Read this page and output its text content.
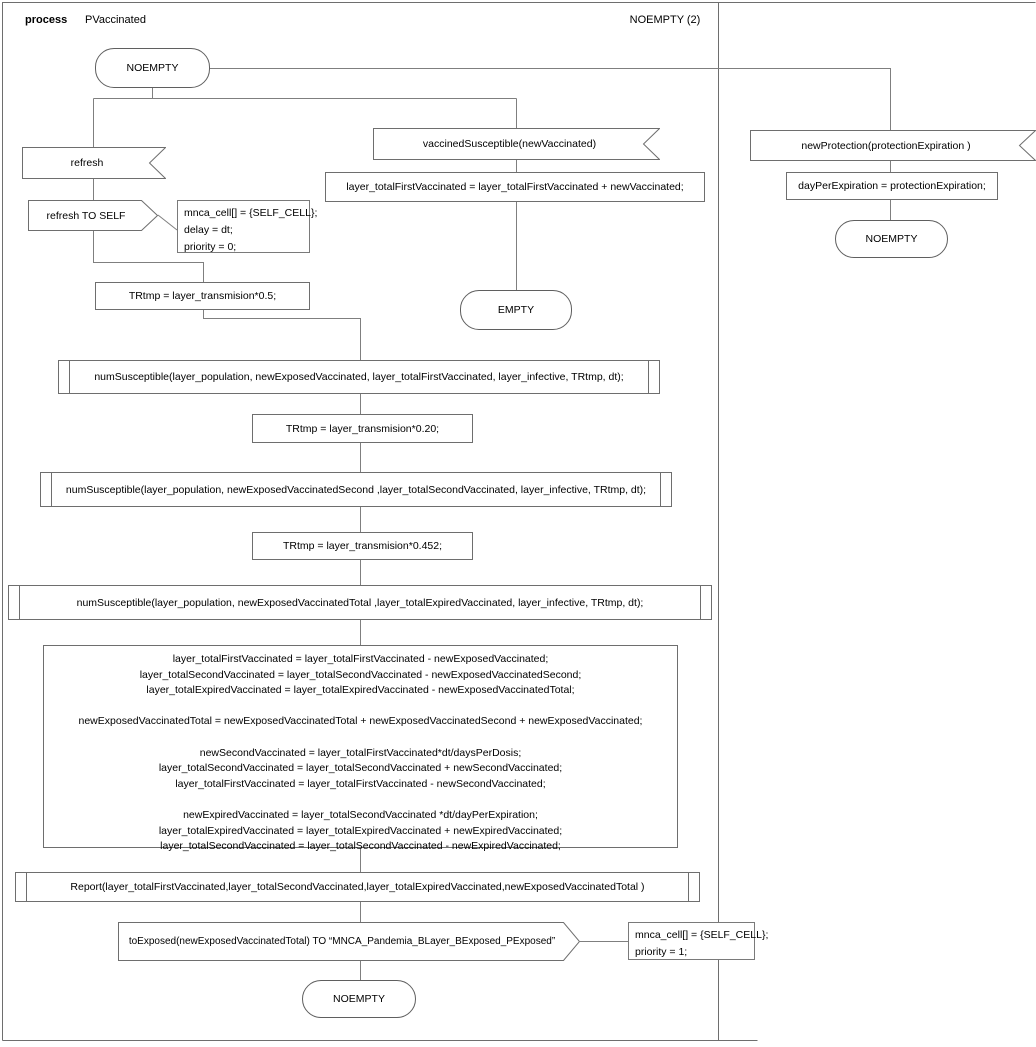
process PVaccinated	NOEMPTY (2)
NOEMPTY
refresh
refresh TO SELF	mnca_cell[] = {SELF_CELL};
delay = dt;
priority = 0;
vaccinedSusceptible(newVaccinated)
layer_totalFirstVaccinated = layer_totalFirstVaccinated + newVaccinated;
EMPTY
TRtmp = layer_transmision*0.5;
numSusceptible(layer_population, newExposedVaccinated, layer_totalFirstVaccinated, layer_infective, TRtmp, dt);
TRtmp = layer_transmision*0.20;
numSusceptible(layer_population, newExposedVaccinatedSecond ,layer_totalSecondVaccinated, layer_infective, TRtmp, dt);
TRtmp = layer_transmision*0.452;
numSusceptible(layer_population, newExposedVaccinatedTotal ,layer_totalExpiredVaccinated, layer_infective, TRtmp, dt);
layer_totalFirstVaccinated = layer_totalFirstVaccinated - newExposedVaccinated;
layer_totalSecondVaccinated = layer_totalSecondVaccinated - newExposedVaccinatedSecond;
layer_totalExpiredVaccinated = layer_totalExpiredVaccinated - newExposedVaccinatedTotal;
newExposedVaccinatedTotal = newExposedVaccinatedTotal + newExposedVaccinatedSecond + newExposedVaccinated;
newSecondVaccinated = layer_totalFirstVaccinated*dt/daysPerDosis;
layer_totalSecondVaccinated = layer_totalSecondVaccinated + newSecondVaccinated;
layer_totalFirstVaccinated = layer_totalFirstVaccinated - newSecondVaccinated;
newExpiredVaccinated = layer_totalSecondVaccinated *dt/dayPerExpiration;
layer_totalExpiredVaccinated = layer_totalExpiredVaccinated + newExpiredVaccinated;
layer_totalSecondVaccinated = layer_totalSecondVaccinated - newExpiredVaccinated;
Report(layer_totalFirstVaccinated,layer_totalSecondVaccinated,layer_totalExpiredVaccinated,newExposedVaccinatedTotal )
toExposed(newExposedVaccinatedTotal) TO “MNCA_Pandemia_BLayer_BExposed_PExposed”
mnca_cell[] = {SELF_CELL};
priority = 1;
NOEMPTY
newProtection(protectionExpiration )
dayPerExpiration = protectionExpiration;
NOEMPTY
